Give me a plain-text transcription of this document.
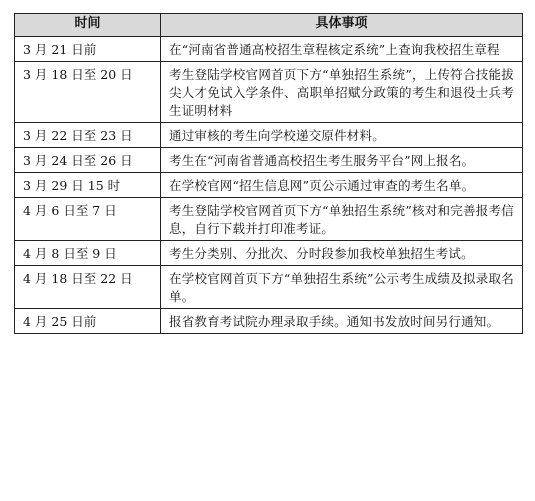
时间	具体事项
3 月 21 日前	在“河南省普通高校招生章程核定系统”上查询我校招生章程
3 月 18 日至 20 日	考生登陆学校官网首页下方“单独招生系统”，上传符合技能拔尖人才免试入学条件、高职单招赋分政策的考生和退役士兵考生证明材料
3 月 22 日至 23 日	通过审核的考生向学校递交原件材料。
3 月 24 日至 26 日	考生在“河南省普通高校招生考生服务平台”网上报名。
3 月 29 日 15 时	在学校官网“招生信息网”页公示通过审查的考生名单。
4 月 6 日至 7 日	考生登陆学校官网首页下方“单独招生系统”核对和完善报考信息，自行下载并打印准考证。
4 月 8 日至 9 日	考生分类别、分批次、分时段参加我校单独招生考试。
4 月 18 日至 22 日	在学校官网首页下方“单独招生系统”公示考生成绩及拟录取名单。
4 月 25 日前	报省教育考试院办理录取手续。通知书发放时间另行通知。
